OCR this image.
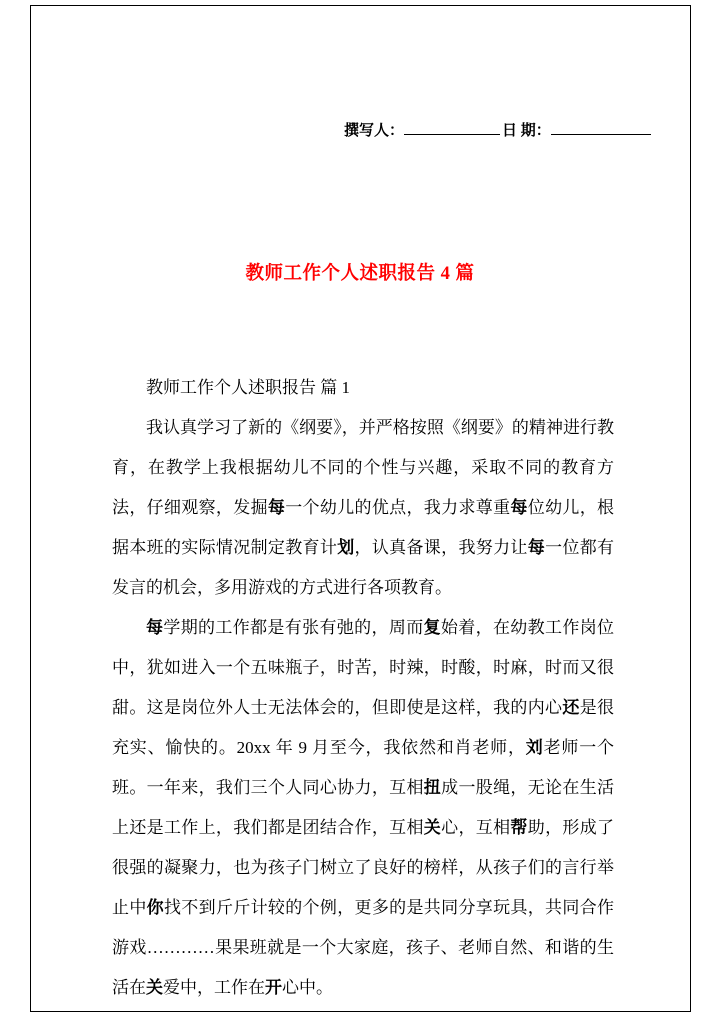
撰写人：	日 期：
教师工作个人述职报告 4 篇

教师工作个人述职报告 篇 1

我认真学习了新的《纲要》，并严格按照《纲要》的精神进行教育，在教学上我根据幼儿不同的个性与兴趣，采取不同的教育方法，仔细观察，发掘每一个幼儿的优点，我力求尊重每位幼儿，根据本班的实际情况制定教育计划，认真备课，我努力让每一位都有发言的机会，多用游戏的方式进行各项教育。

每学期的工作都是有张有弛的，周而复始着，在幼教工作岗位中，犹如进入一个五味瓶子，时苦，时辣，时酸，时麻，时而又很甜。这是岗位外人士无法体会的，但即使是这样，我的内心还是很充实、愉快的。20xx 年 9 月至今，我依然和肖老师，刘老师一个班。一年来，我们三个人同心协力，互相扭成一股绳，无论在生活上还是工作上，我们都是团结合作，互相关心，互相帮助，形成了很强的凝聚力，也为孩子门树立了良好的榜样，从孩子们的言行举止中你找不到斤斤计较的个例，更多的是共同分享玩具，共同合作游戏…………果果班就是一个大家庭，孩子、老师自然、和谐的生活在关爱中，工作在开心中。
